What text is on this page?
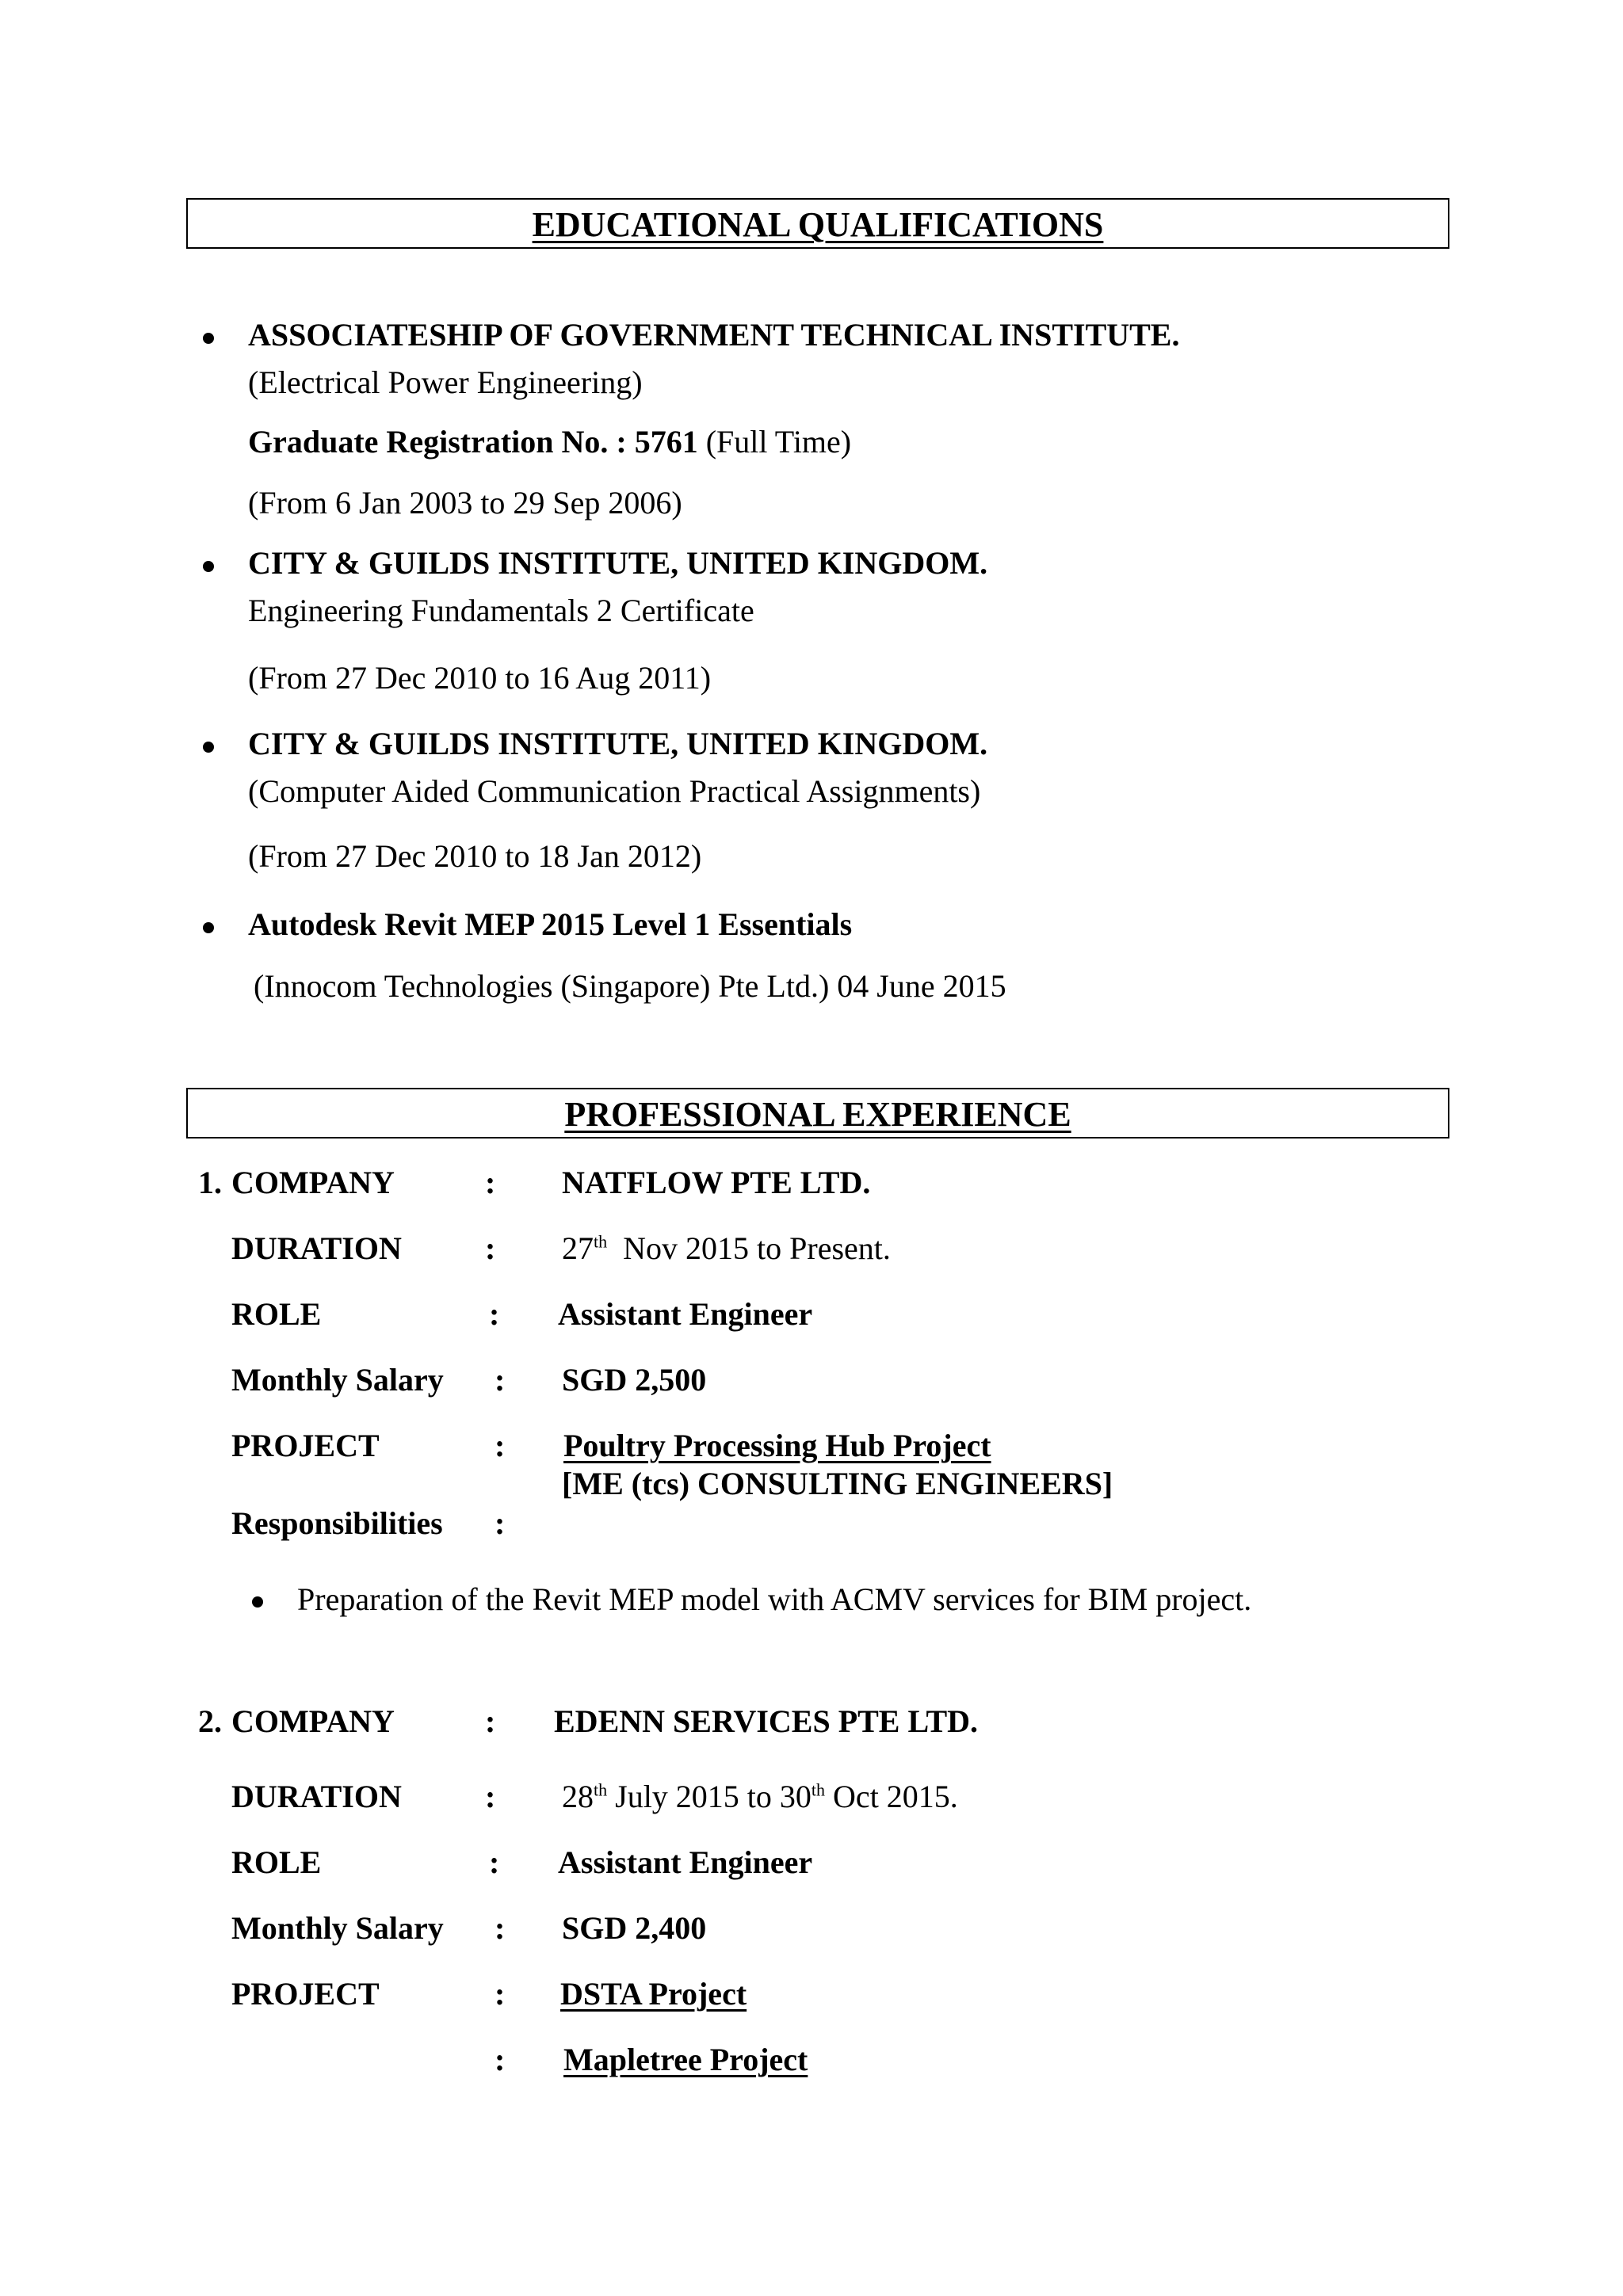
EDUCATIONAL QUALIFICATIONS
ASSOCIATESHIP OF GOVERNMENT TECHNICAL INSTITUTE.
(Electrical Power Engineering)
Graduate Registration No. : 5761 (Full Time)
(From 6 Jan 2003 to 29 Sep 2006)
CITY & GUILDS INSTITUTE, UNITED KINGDOM.
Engineering Fundamentals 2 Certificate
(From 27 Dec 2010 to 16 Aug 2011)
CITY & GUILDS INSTITUTE, UNITED KINGDOM.
(Computer Aided Communication Practical Assignments)
(From 27 Dec 2010 to 18 Jan 2012)
Autodesk Revit MEP 2015 Level 1 Essentials
(Innocom Technologies (Singapore) Pte Ltd.) 04 June 2015
PROFESSIONAL EXPERIENCE
1. COMPANY	: NATFLOW PTE LTD.
DURATION	: 27th  Nov 2015 to Present.
ROLE	: Assistant Engineer
Monthly Salary : SGD 2,500
PROJECT	: Poultry Processing Hub Project
[ME (tcs) CONSULTING ENGINEERS]
Responsibilities :
Preparation of the Revit MEP model with ACMV services for BIM project.
2. COMPANY	: EDENN SERVICES PTE LTD.
DURATION	: 28th July 2015 to 30th Oct 2015.
ROLE	: Assistant Engineer
Monthly Salary : SGD 2,400
PROJECT	: DSTA Project
: Mapletree Project
